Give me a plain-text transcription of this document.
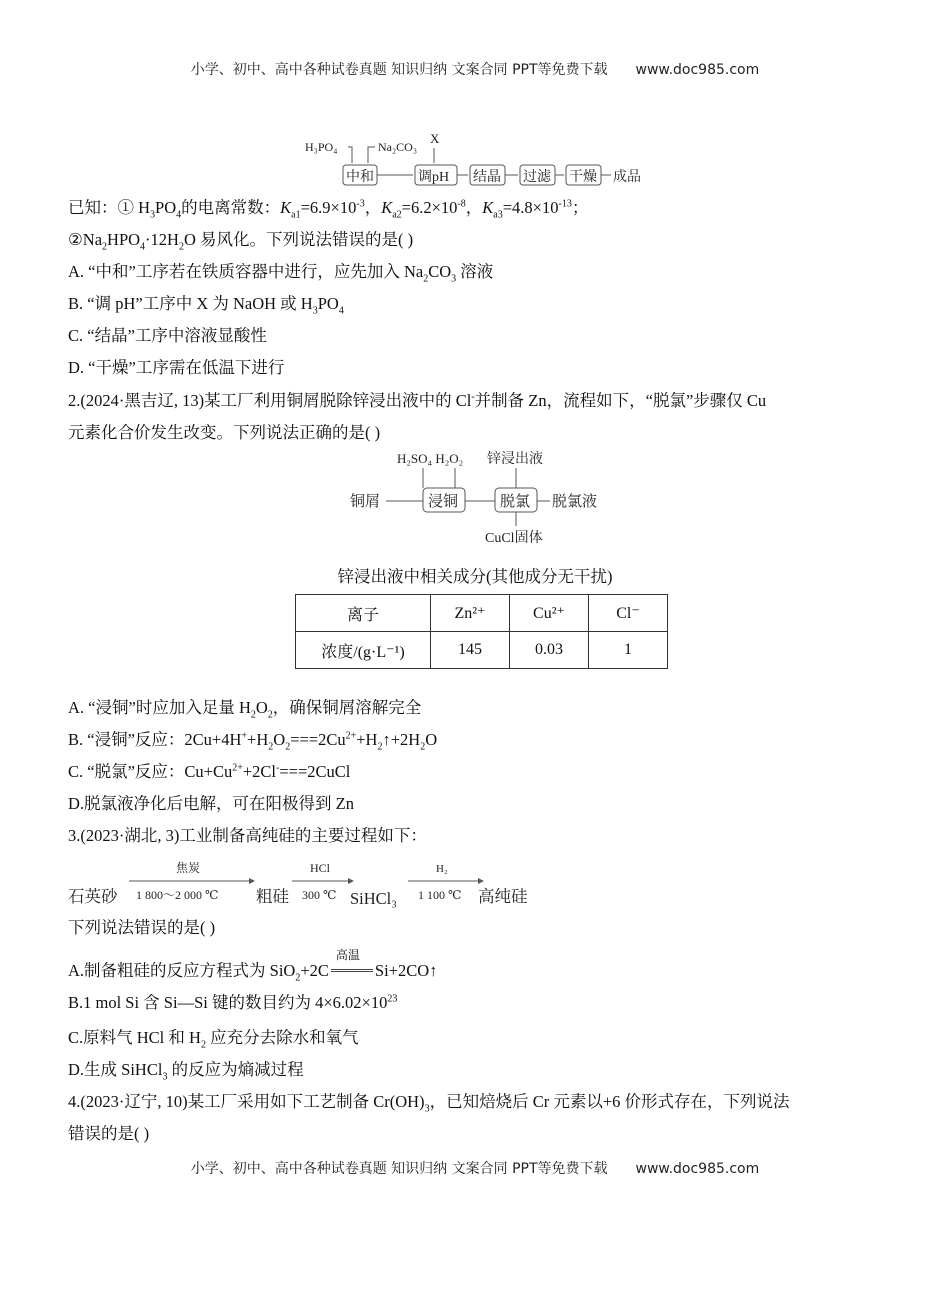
小学、初中、高中各种试卷真题 知识归纳 文案合同 PPT等免费下载 www.doc985.com
H₃PO₄	Na₂CO₃
X
中和	调pH 结晶 过滤 干燥 成品
已知：① $H_3PO_4$的电离常数：$K_{a1}=6.9\times 10^{-3}$，$K_{a2}=6.2\times 10^{-8}$，$K_{a3}=4.8\times 10^{-13}$；
$②Na_2HPO_4\cdot 12H_2O$ 易风化。下列说法错误的是( )
A. “中和”工序若在铁质容器中进行，应先加入 $Na_2CO_3$ 溶液
B. “调 pH”工序中 X 为 NaOH 或 $H_3PO_4$
C. “结晶”工序中溶液显酸性
D. “干燥”工序需在低温下进行
2.(2024·黑吉辽, 13)某工厂利用铜屑脱除锌浸出液中的 Cl-并制备 Zn，流程如下，“脱氯”步骤仅 Cu
元素化合价发生改变。下列说法正确的是( )
H₂SO₄ H₂O₂ 锌浸出液
铜屑	浸铜	脱氯 脱氯液
CuCl固体
锌浸出液中相关成分(其他成分无干扰)
离子	Zn²⁺	Cu²⁺	Cl⁻
浓度/(g·L⁻¹)	145	0.03	1
A. “浸铜”时应加入足量 $H_2O_2$，确保铜屑溶解完全
B. “浸铜”反应：$2Cu+4H^++H_2O_2===2Cu^{2+}+H_2↑+2H_2O$
C. “脱氯”反应：$Cu+Cu^{2+}+2Cl^-===2CuCl$
D.脱氯液净化后电解，可在阳极得到 Zn
3.(2023·湖北, 3)工业制备高纯硅的主要过程如下：
石英砂	粗硅	SiHCl₃	高纯硅
焦炭	HCl	H₂
1 800～2 000 ℃	300 ℃	1 100 ℃
A.制备粗硅的反应方程式为 SiO$_2$+2C
高温
Si+2CO↑
B.1 mol Si 含 Si—Si 键的数目约为 $4\times 6.02\times 10^{23}$
C.原料气 HCl 和 $H_2$ 应充分去除水和氧气
D.生成 SiHCl$_3$ 的反应为熵减过程
4.(2023·辽宁, 10)某工厂采用如下工艺制备 $Cr(OH)_3$，已知焙烧后 Cr 元素以+6 价形式存在，下列说法
错误的是( )
小学、初中、高中各种试卷真题 知识归纳 文案合同 PPT等免费下载 www.doc985.com
下列说法错误的是( )
